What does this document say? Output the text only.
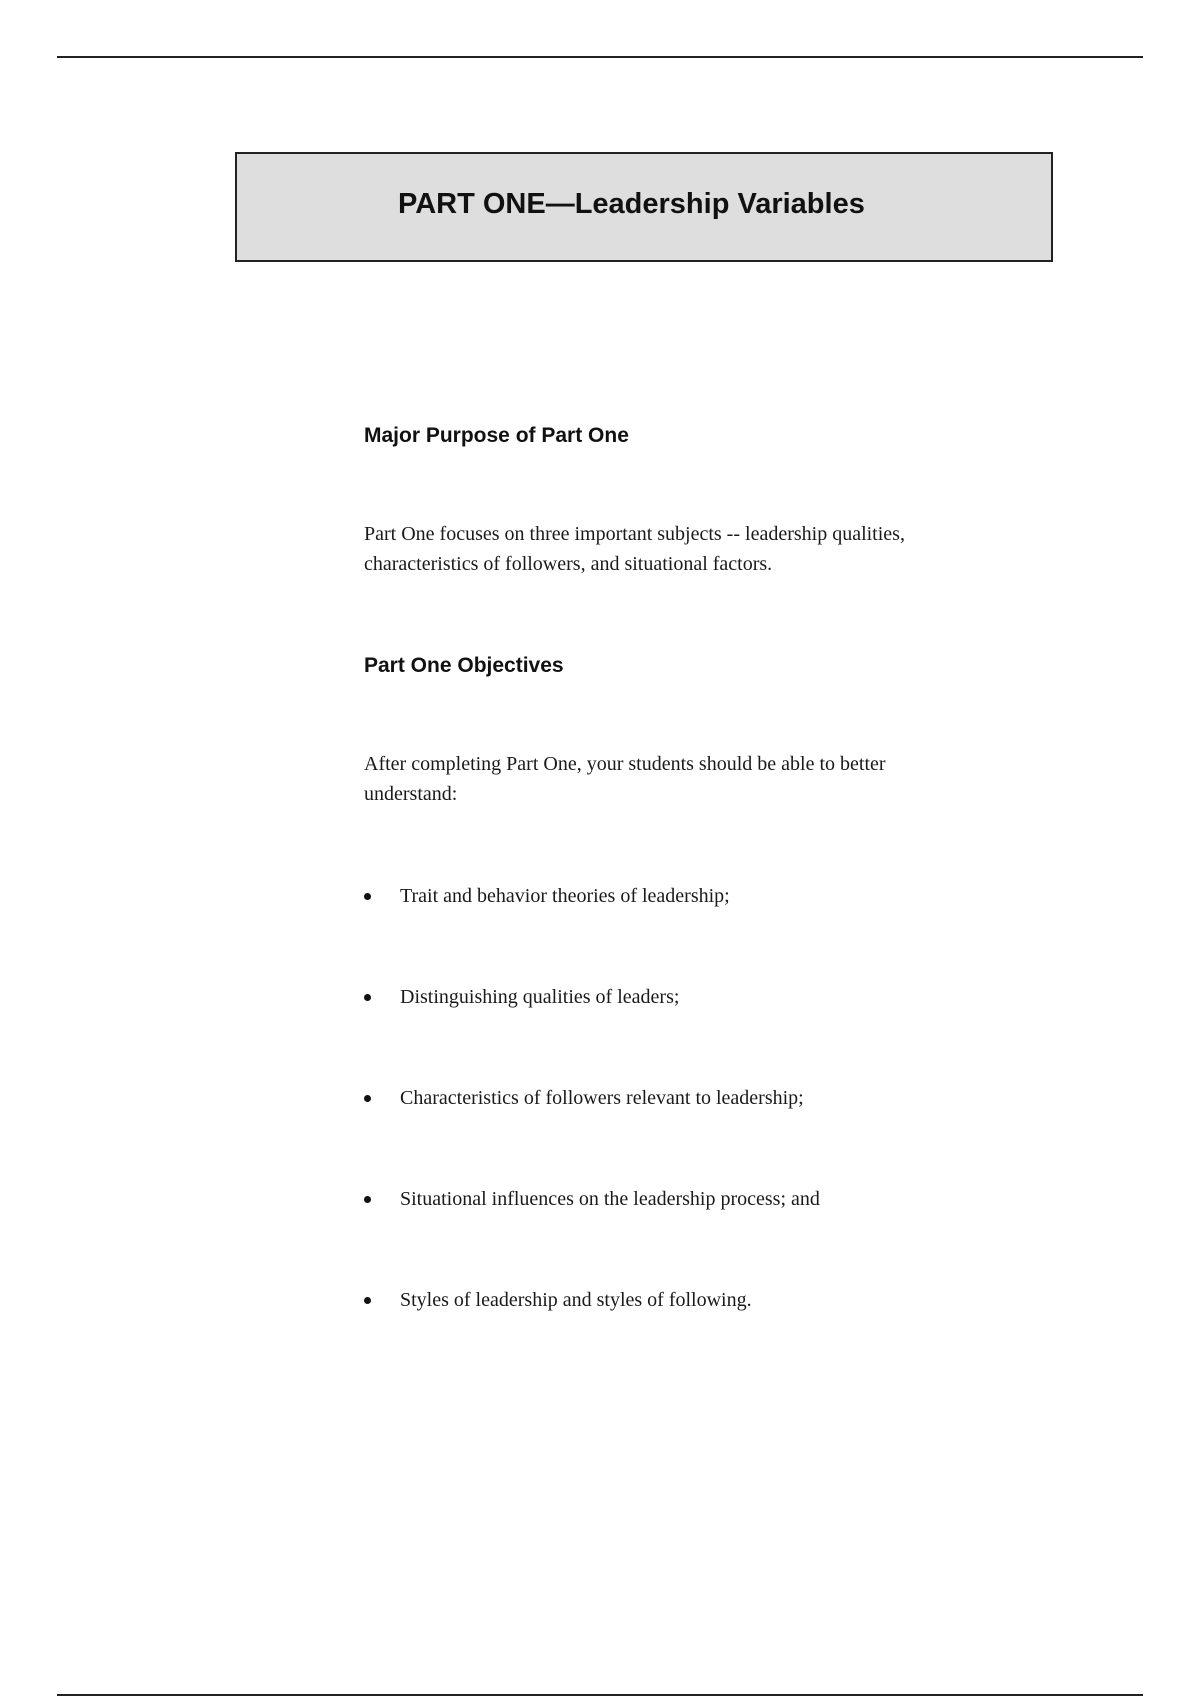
PART ONE—Leadership Variables
Major Purpose of Part One
Part One focuses on three important subjects -- leadership qualities, characteristics of followers, and situational factors.
Part One Objectives
After completing Part One, your students should be able to better understand:
Trait and behavior theories of leadership;
Distinguishing qualities of leaders;
Characteristics of followers relevant to leadership;
Situational influences on the leadership process; and
Styles of leadership and styles of following.
